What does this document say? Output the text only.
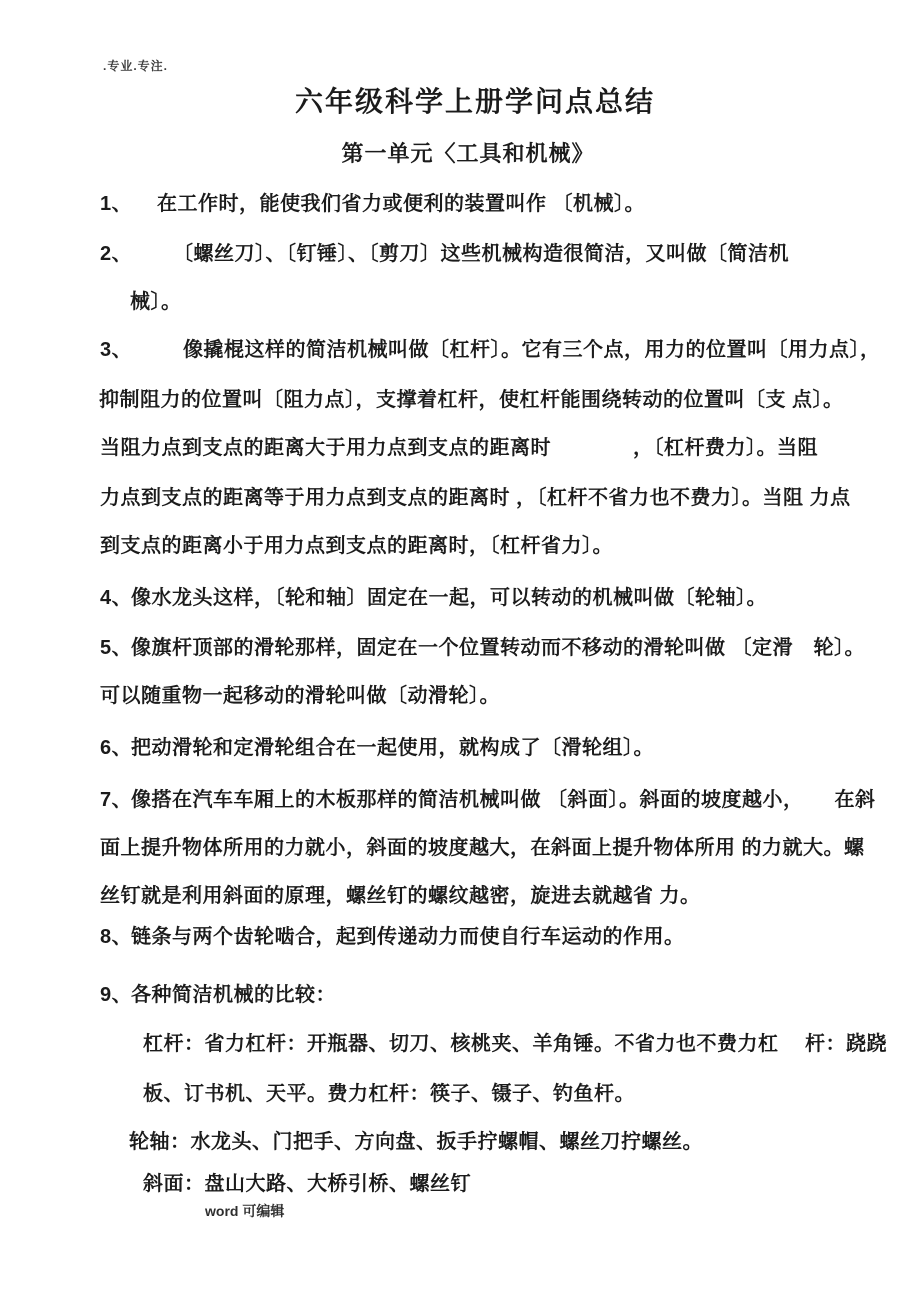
.专业.专注.
六年级科学上册学问点总结
第一单元〈工具和机械》
1、 在工作时，能使我们省力或便利的装置叫作 〔机械〕。
2、 〔螺丝刀〕、〔钉锤〕、〔剪刀〕这些机械构造很简洁，又叫做〔简洁机
械〕。
3、	像撬棍这样的简洁机械叫做〔杠杆〕。它有三个点，用力的位置叫〔用力点〕，
抑制阻力的位置叫〔阻力点〕，支撑着杠杆，使杠杆能围绕转动的位置叫〔支 点〕。
当阻力点到支点的距离大于用力点到支点的距离时　　　　，〔杠杆费力〕。当阻
力点到支点的距离等于用力点到支点的距离时 ，〔杠杆不省力也不费力〕。当阻 力点
到支点的距离小于用力点到支点的距离时，〔杠杆省力〕。
4、像水龙头这样，〔轮和轴〕固定在一起，可以转动的机械叫做〔轮轴〕。
5、像旗杆顶部的滑轮那样，固定在一个位置转动而不移动的滑轮叫做 〔定滑　轮〕。
可以随重物一起移动的滑轮叫做〔动滑轮〕。
6、把动滑轮和定滑轮组合在一起使用，就构成了〔滑轮组〕。
7、像搭在汽车车厢上的木板那样的简洁机械叫做 〔斜面〕。斜面的坡度越小，　　在斜
面上提升物体所用的力就小，斜面的坡度越大，在斜面上提升物体所用 的力就大。螺
丝钉就是利用斜面的原理，螺丝钉的螺纹越密，旋进去就越省 力。
8、链条与两个齿轮啮合，起到传递动力而使自行车运动的作用。
9、各种简洁机械的比较：
杠杆：省力杠杆：开瓶器、切刀、核桃夹、羊角锤。不省力也不费力杠　 杆：跷跷
板、订书机、天平。费力杠杆：筷子、镊子、钓鱼杆。
轮轴：水龙头、门把手、方向盘、扳手拧螺帽、螺丝刀拧螺丝。
斜面：盘山大路、大桥引桥、螺丝钉
word 可编辑
